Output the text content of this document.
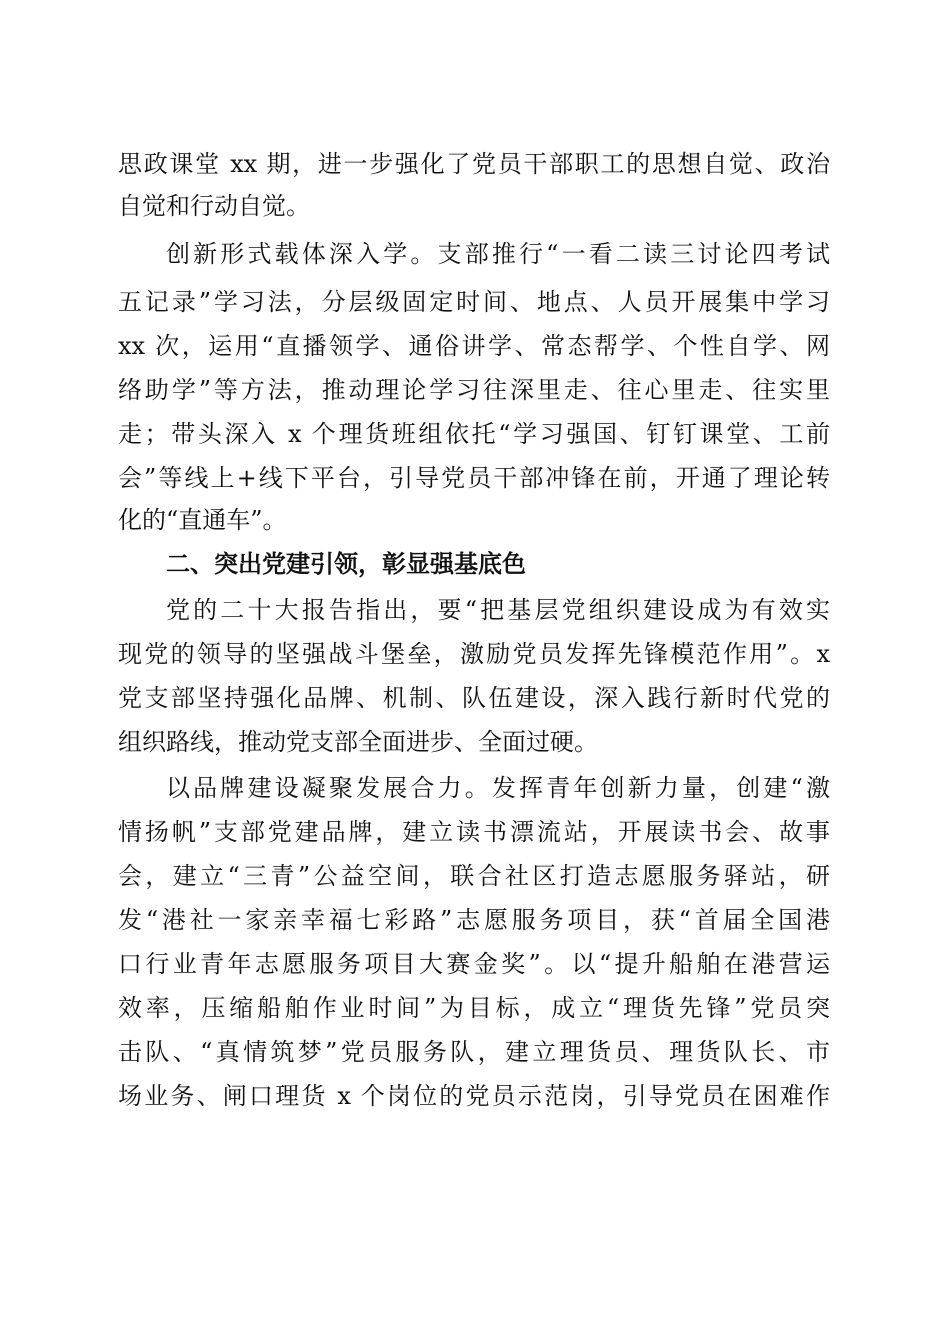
思政课堂 xx 期，进一步强化了党员干部职工的思想自觉、政治
自觉和行动自觉。
创新形式载体深入学。支部推行“一看二读三讨论四考试
五记录”学习法，分层级固定时间、地点、人员开展集中学习
xx 次，运用“直播领学、通俗讲学、常态帮学、个性自学、网
络助学”等方法，推动理论学习往深里走、往心里走、往实里
走；带头深入 x 个理货班组依托“学习强国、钉钉课堂、工前
会”等线上+线下平台，引导党员干部冲锋在前，开通了理论转
化的“直通车”。
二、突出党建引领，彰显强基底色
党的二十大报告指出，要“把基层党组织建设成为有效实
现党的领导的坚强战斗堡垒，激励党员发挥先锋模范作用”。x
党支部坚持强化品牌、机制、队伍建设，深入践行新时代党的
组织路线，推动党支部全面进步、全面过硬。
以品牌建设凝聚发展合力。发挥青年创新力量，创建“激
情扬帆”支部党建品牌，建立读书漂流站，开展读书会、故事
会，建立“三青”公益空间，联合社区打造志愿服务驿站，研
发“港社一家亲幸福七彩路”志愿服务项目，获“首届全国港
口行业青年志愿服务项目大赛金奖”。以“提升船舶在港营运
效率，压缩船舶作业时间”为目标，成立“理货先锋”党员突
击队、“真情筑梦”党员服务队，建立理货员、理货队长、市
场业务、闸口理货 x 个岗位的党员示范岗，引导党员在困难作
